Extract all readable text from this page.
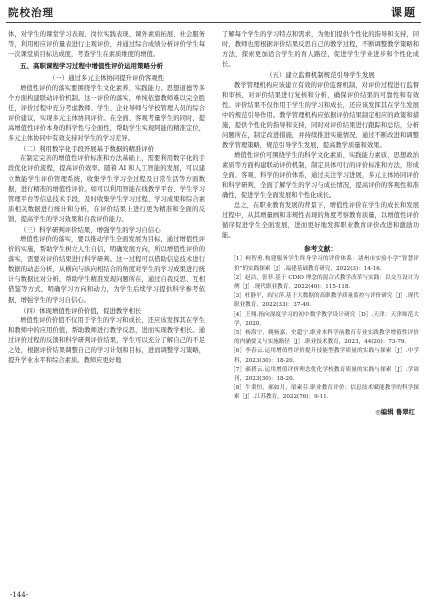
院校治理	课题

体，对学生的课堂学习表现、岗位实践表现、课外素质拓展、社会服务等，利用相应评价量表进行主观评价，并通过综合成绩分析评价学生每一次课堂质目标达成度，考查学生在素质维度的增值。

五、高职课程学习过程中增值性评价运用策略分析
（一）通过多元主体协同提升评价客观性

增值性评价的落实要围绕学生文化素养、实践能力、思想道德等多个方面构建联动评价机制。这一评价的落实，单纯依靠教师难以完全胜任，评价过程中充分考虑教师、学生、企业导师与学校管理人员的综合评价建议，实现多元主体协同评价。在全面、客观考量学生的同时，提高增值性评价本身的科学性与全面性，帮助学生实现阿能的精准定位，多元主体协同中有效支持对学生的学习差异。

（二）利用数字化手段开展基于数据的精准评价

在制定完善的增值性评价标准和方法基础上，需要利用数字化的手段优化评价流程，提高评价效率。随着 AI 和人工智能的发展，可以建立数能学生评价管理系统，收集学生学习全过程及日常生活等方面数据，进行精准的增值性评价。如可以利用智能在线教学平台、学生学习管理平台等信息技术手段，及时收集学生学习过程、学习成果和综合素质相关数据进行统计和分析，在评价结果上进行更为精准和全面的反馈，提高学生的学习效果和自我评价能力。

（三）科学研判评价结果，增强学生的学习自信心

增值性评价的落实，要以推动学生全面发展为目标，通过增值性评价的实施，帮助学生树立人生自信，明确发展方向，所以增值性评价的落实，需要对评价结果进行科学研判。这一过程可以借助信息技术进行数据的动态分析，从横向与纵向相结合的角度对学生的学习成果进行统计与数据比对分析，帮助学生精准发现问题所在，通过自我反思、互相借鉴等方式，明确学习方向和动力，为学生后续学习提供科学参考依据，增强学生的学习自信心。

（四）体现增值性评价价值，促进教学相长

增值性评价价值不仅用于学生的学习和成长，还应该发挥其在学生和教师中的应用价值，帮助教师进行教学反思，进而实现教学相长。通过评价过程的反馈和科学研判评价结果，学生可以充分了解自己的不足之处，根据评价结果调整自己的学习计划和目标，进而调整学习策略，提升学业水平和综合素质。教师应更好地

了解每个学生的学习特点和需求，为他们提供个性化的指导和支持，同时，教师也需根据评价结果反思自己的教学过程，不断调整教学策略和方法，探索更加适合学生的育人路径，促进学生学业进步和个性化成长。

（五）建立监督机制规范引导学生发展

教学管理机构应该建立有效的评价监督机制，对评价过程进行监督和审核，对评价结果进行复核和分析，确保评价结果的可靠性和有效性。评价结果不仅作用于学生的学习和成长，还应该发挥其在学生发展中的规范引导作用。教学管理机构应依据评价结果制定相应的政策和措施，提供个性化的指导和支持，同时对评价结果进行跟踪和总结，分析问题所在，制定改进措施，并持续推进实施情况，通过不断改进和调整教学管理策略，规范引导学生发展，提高教学质量和效果。

增值性评价可围绕学生的科学文化素质、实践能力素质、思想政治素质等方面构建联动评价机制，制定具体可行的评价标准和方法，形成全面、客观、科学的评价体系，通过关注学习进展，多元主体协同评价和科学研判，全面了解学生的学习与成长情况，提高评价的客观性和准确性，促进学生全面发展和个性化成长。

总之，在职业教育发展的背景下，增值性评价在学生的成长和发展过程中，从其增量画和非规性表现的角度考察教育质量，以增值性评价循序促进学生全面发展，进而更好地发挥职业教育评价改进和激励功能。

参考文献：

［1］柯智勇.构建服务学生终身学习的评价体系：诸州市实验小学“智慧评价”的实践探索［J］.福建基础教育研究，2022(3)：14-16.

［2］赵洁，张菲.基于 CDIO 理念的混合式教学改革与实践：以交互设计为例［J］.现代职业教育，2022(40)：115-118.

［3］杜静平，阎宝萍.基于大数据的高职教学质量监控与评价研究［J］.现代职业教育，2022(33)：37-40.

［4］王翔.指向深度学习的初中数学教学设计研究［D］.天津：天津师范大学，2020.

［5］杨海宁，姚杨嘉，史超宁.职业本科学前教育专业实践教学增值性评价的内涵要义与实施路径［J］.职业技术教育，2023，44(20)：73-79.

［6］李春云.运用增值性评价提升技能型教学质量的实践与探索［J］.中学科，2023(30)：18-20.

［7］郝碧云.运用增值评价理念优化学校教育质量的实践与探索［J］.学周刊，2023(30)：18-20.

［8］牛秉恒，郝如月，梁素芬.职业教育评价：信息技术赋能教学的科学探索［J］.江苏教育，2022(76)：9-11.

◎编辑 鲁翠红
-144-
